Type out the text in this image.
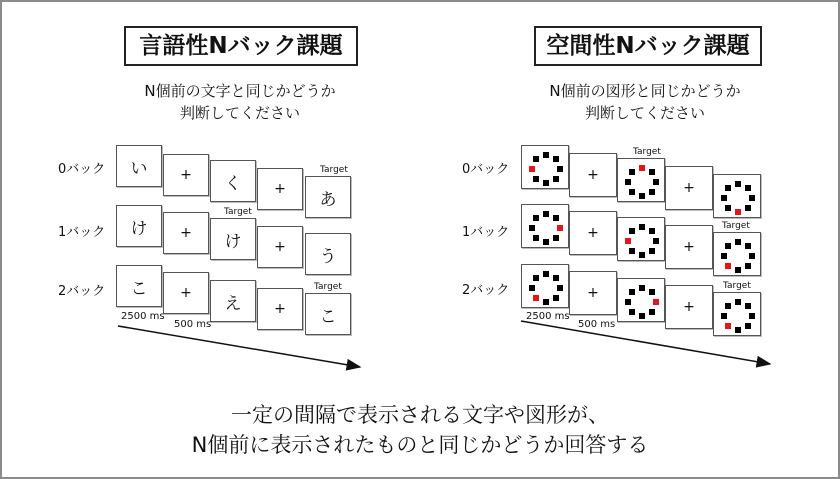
言語性Nバック課題
N個前の文字と同じかどうか
判断してください
0バック	い	+	く	+
Target
あ
1バック	け	+
Target
け	+	う
2バック	こ	+
え	+
Target
こ
2500 ms
500 ms
空間性Nバック課題
N個前の図形と同じかどうか
判断してください
0バック	+
Target
+
1バック	+
+
Target
2バック	+
+
Target
2500 ms
500 ms
一定の間隔で表示される文字や図形が、
N個前に表示されたものと同じかどうか回答する
